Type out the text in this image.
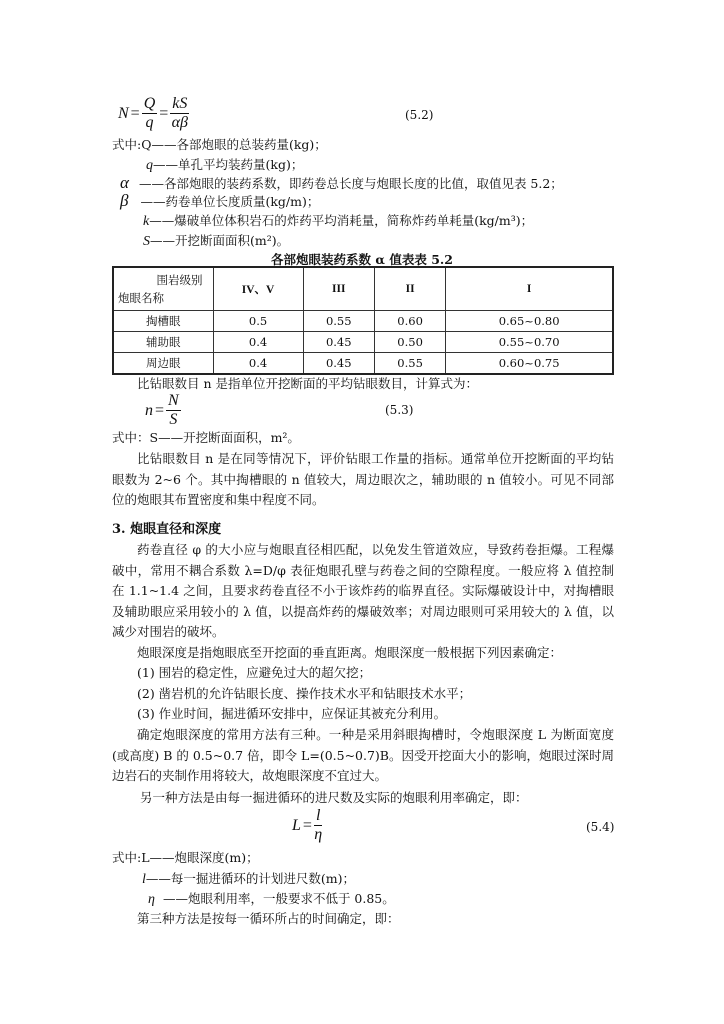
$N = \frac{Q}{q} = \frac{kS}{\alpha\beta}$	(5.2)
式中:Q——各部炮眼的总装药量(kg)；
q——单孔平均装药量(kg)；
α ——各部炮眼的装药系数，即药卷总长度与炮眼长度的比值，取值见表 5.2；
β ——药卷单位长度质量(kg/m)；
k——爆破单位体积岩石的炸药平均消耗量，简称炸药单耗量(kg/m³)；
S——开挖断面面积(m²)。
各部炮眼装药系数 α 值表表 5.2
围岩级别
炮眼名称	IV、V	III	II	I
掏槽眼	0.5	0.55	0.60	0.65~0.80
辅助眼	0.4	0.45	0.50	0.55~0.70
周边眼	0.4	0.45	0.55	0.60~0.75
比钻眼数目 n 是指单位开挖断面的平均钻眼数目，计算式为：
$n = \frac{N}{S}$	(5.3)
式中：S——开挖断面面积，m²。
比钻眼数目 n 是在同等情况下，评价钻眼工作量的指标。通常单位开挖断面的平均钻眼数为 2~6 个。其中掏槽眼的 n 值较大，周边眼次之，辅助眼的 n 值较小。可见不同部位的炮眼其布置密度和集中程度不同。
3. 炮眼直径和深度
药卷直径 φ 的大小应与炮眼直径相匹配，以免发生管道效应，导致药卷拒爆。工程爆破中，常用不耦合系数 λ=D/φ 表征炮眼孔壁与药卷之间的空隙程度。一般应将 λ 值控制在 1.1~1.4 之间，且要求药卷直径不小于该炸药的临界直径。实际爆破设计中，对掏槽眼及辅助眼应采用较小的 λ 值，以提高炸药的爆破效率；对周边眼则可采用较大的 λ 值，以减少对围岩的破坏。
炮眼深度是指炮眼底至开挖面的垂直距离。炮眼深度一般根据下列因素确定：
(1) 围岩的稳定性，应避免过大的超欠挖；
(2) 凿岩机的允许钻眼长度、操作技术水平和钻眼技术水平；
(3) 作业时间，掘进循环安排中，应保证其被充分利用。
确定炮眼深度的常用方法有三种。一种是采用斜眼掏槽时，令炮眼深度 L 为断面宽度(或高度) B 的 0.5~0.7 倍，即令 L=(0.5~0.7)B。因受开挖面大小的影响，炮眼过深时周边岩石的夹制作用将较大，故炮眼深度不宜过大。
另一种方法是由每一掘进循环的进尺数及实际的炮眼利用率确定，即：
$L = \frac{l}{\eta}$	(5.4)
式中:L——炮眼深度(m)；
l——每一掘进循环的计划进尺数(m)；
η ——炮眼利用率，一般要求不低于 0.85。
第三种方法是按每一循环所占的时间确定，即：
